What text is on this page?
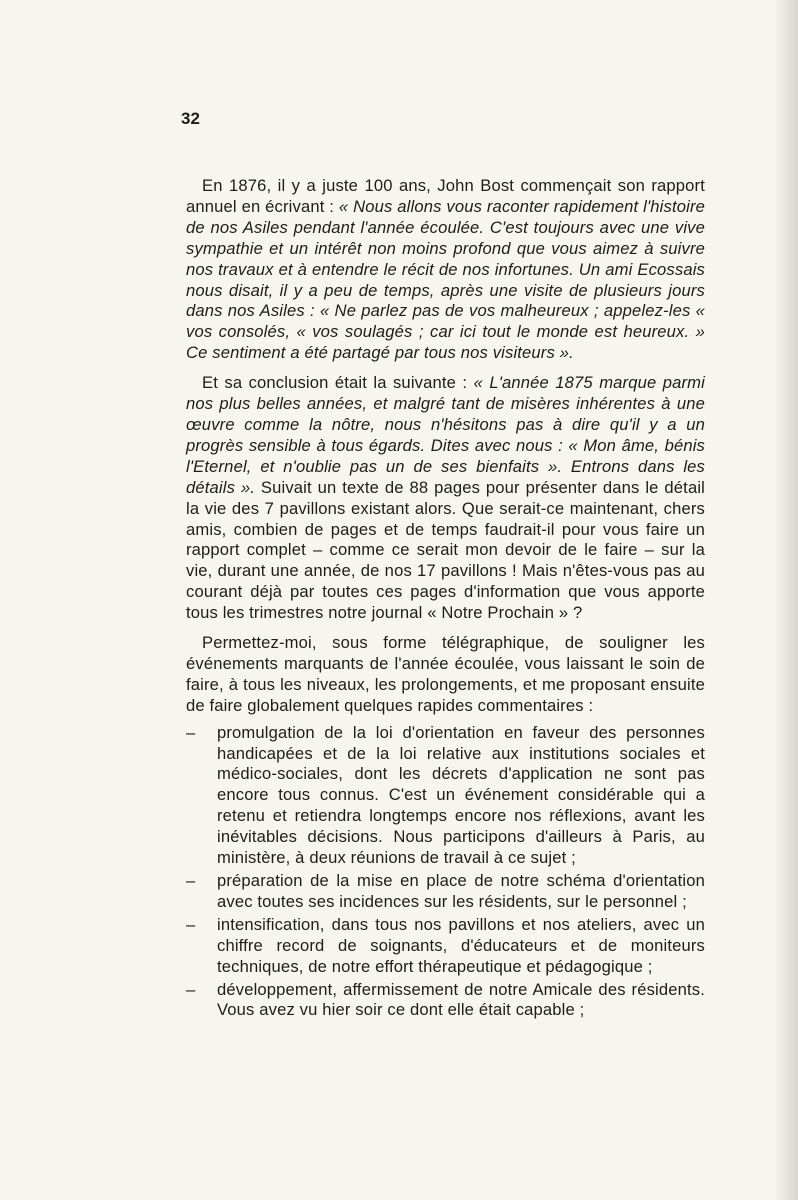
32

En 1876, il y a juste 100 ans, John Bost commençait son rapport annuel en écrivant : « Nous allons vous raconter rapidement l'histoire de nos Asiles pendant l'année écoulée. C'est toujours avec une vive sympathie et un intérêt non moins profond que vous aimez à suivre nos travaux et à entendre le récit de nos infortunes. Un ami Ecossais nous disait, il y a peu de temps, après une visite de plusieurs jours dans nos Asiles : « Ne parlez pas de vos malheureux ; appelez-les « vos consolés, « vos soulagés ; car ici tout le monde est heureux. » Ce sentiment a été partagé par tous nos visiteurs ».

Et sa conclusion était la suivante : « L'année 1875 marque parmi nos plus belles années, et malgré tant de misères inhérentes à une œuvre comme la nôtre, nous n'hésitons pas à dire qu'il y a un progrès sensible à tous égards. Dites avec nous : « Mon âme, bénis l'Eternel, et n'oublie pas un de ses bienfaits ». Entrons dans les détails ». Suivait un texte de 88 pages pour présenter dans le détail la vie des 7 pavillons existant alors. Que serait-ce maintenant, chers amis, combien de pages et de temps faudrait-il pour vous faire un rapport complet – comme ce serait mon devoir de le faire – sur la vie, durant une année, de nos 17 pavillons ! Mais n'êtes-vous pas au courant déjà par toutes ces pages d'information que vous apporte tous les trimestres notre journal « Notre Prochain » ?

Permettez-moi, sous forme télégraphique, de souligner les événements marquants de l'année écoulée, vous laissant le soin de faire, à tous les niveaux, les prolongements, et me proposant ensuite de faire globalement quelques rapides commentaires :

– promulgation de la loi d'orientation en faveur des personnes handicapées et de la loi relative aux institutions sociales et médico-sociales, dont les décrets d'application ne sont pas encore tous connus. C'est un événement considérable qui a retenu et retiendra longtemps encore nos réflexions, avant les inévitables décisions. Nous participons d'ailleurs à Paris, au ministère, à deux réunions de travail à ce sujet ;
– préparation de la mise en place de notre schéma d'orientation avec toutes ses incidences sur les résidents, sur le personnel ;
– intensification, dans tous nos pavillons et nos ateliers, avec un chiffre record de soignants, d'éducateurs et de moniteurs techniques, de notre effort thérapeutique et pédagogique ;
– développement, affermissement de notre Amicale des résidents. Vous avez vu hier soir ce dont elle était capable ;
